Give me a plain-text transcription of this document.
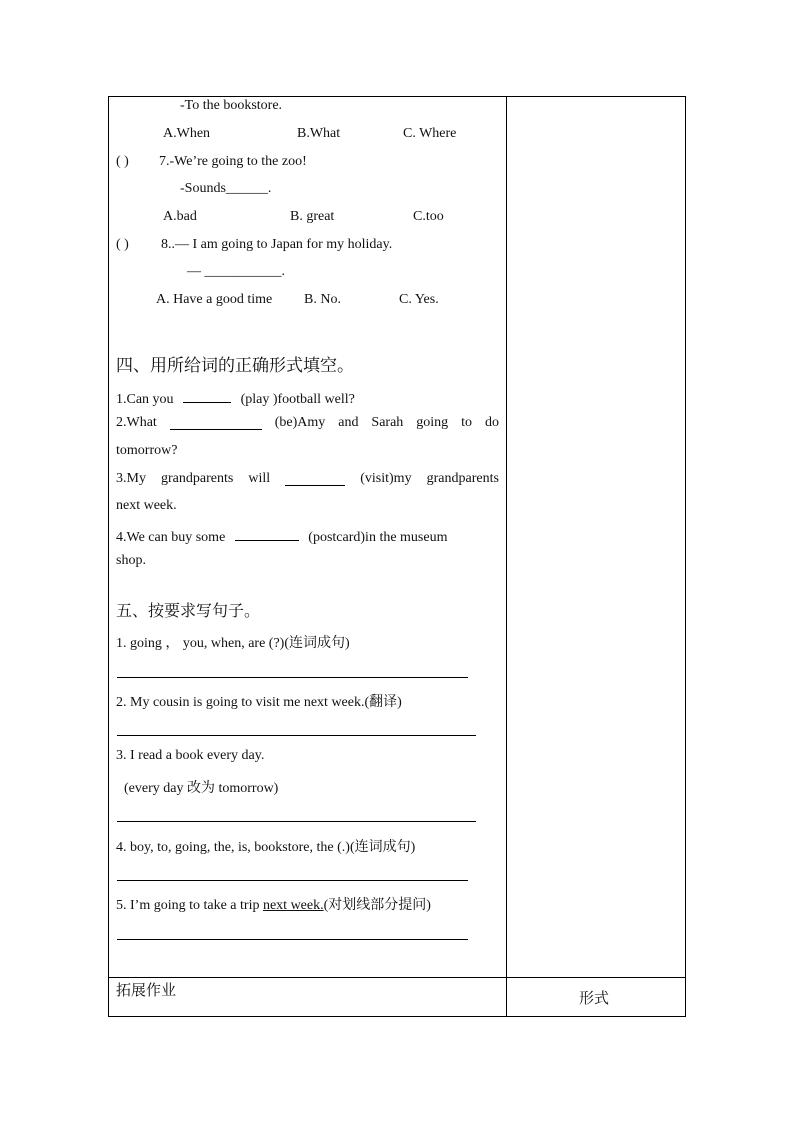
-To the bookstore.
A.When	B.What	C. Where
( ) 7.-We’re going to the zoo!
-Sounds______.
A.bad	B. great	C.too
( ) 8..— I am going to Japan for my holiday.
— ___________.
A. Have a good time B. No.	C. Yes.
四、用所给词的正确形式填空。
1.Can you	(play )football well?
2.What	(be)Amy and Sarah going to do
tomorrow?
3.My grandparents will	(visit)my grandparents
next week.
4.We can buy some	(postcard)in the museum
shop.
五、按要求写句子。
1. going ， you, when, are (?)(连词成句)
2. My cousin is going to visit me next week.(翻译)
3. I read a book every day.
(every day 改为 tomorrow)
4. boy, to, going, the, is, bookstore, the (.)(连词成句)
5. I’m going to take a trip next week.(对划线部分提问)
拓展作业	形式
